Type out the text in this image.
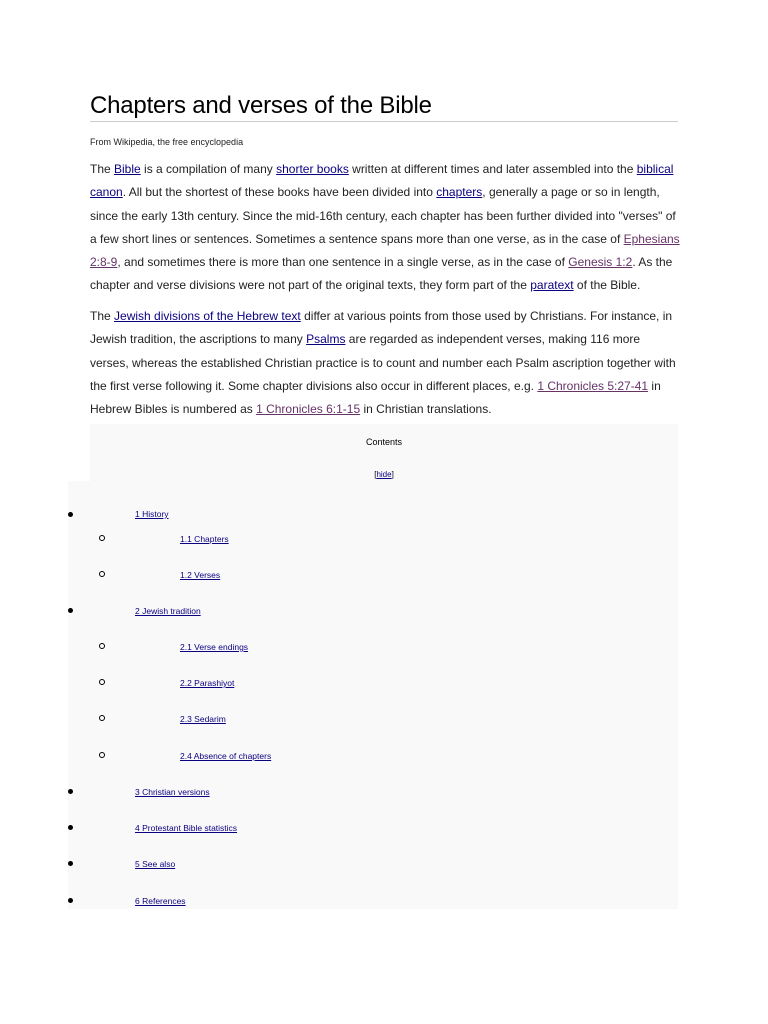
Chapters and verses of the Bible
From Wikipedia, the free encyclopedia

The Bible is a compilation of many shorter books written at different times and later assembled into the biblical canon. All but the shortest of these books have been divided into chapters, generally a page or so in length, since the early 13th century. Since the mid-16th century, each chapter has been further divided into "verses" of a few short lines or sentences. Sometimes a sentence spans more than one verse, as in the case of Ephesians 2:8-9, and sometimes there is more than one sentence in a single verse, as in the case of Genesis 1:2. As the chapter and verse divisions were not part of the original texts, they form part of the paratext of the Bible.

The Jewish divisions of the Hebrew text differ at various points from those used by Christians. For instance, in Jewish tradition, the ascriptions to many Psalms are regarded as independent verses, making 116 more verses, whereas the established Christian practice is to count and number each Psalm ascription together with the first verse following it. Some chapter divisions also occur in different places, e.g. 1 Chronicles 5:27-41 in Hebrew Bibles is numbered as 1 Chronicles 6:1-15 in Christian translations.

Contents
[hide]
1 History
1.1 Chapters
1.2 Verses
2 Jewish tradition
2.1 Verse endings
2.2 Parashiyot
2.3 Sedarim
2.4 Absence of chapters
3 Christian versions
4 Protestant Bible statistics
5 See also
6 References
